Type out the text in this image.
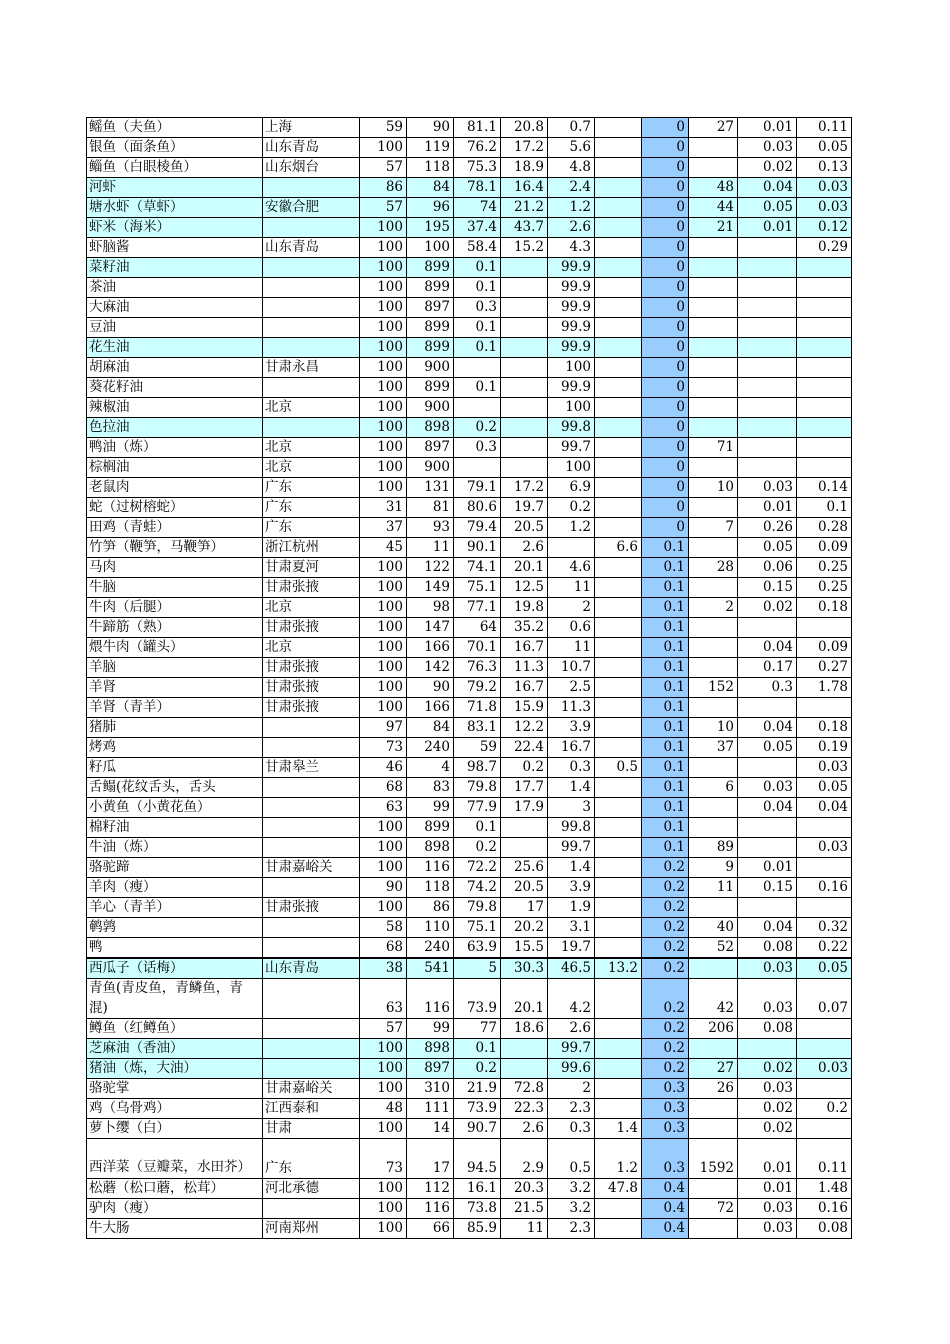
鳐鱼（夫鱼）	上海	59	90	81.1	20.8	0.7		0	27	0.01	0.11
银鱼（面条鱼）	山东青岛	100	119	76.2	17.2	5.6		0		0.03	0.05
鲻鱼（白眼棱鱼）	山东烟台	57	118	75.3	18.9	4.8		0		0.02	0.13
河虾		86	84	78.1	16.4	2.4		0	48	0.04	0.03
塘水虾（草虾）	安徽合肥	57	96	74	21.2	1.2		0	44	0.05	0.03
虾米（海米）		100	195	37.4	43.7	2.6		0	21	0.01	0.12
虾脑酱	山东青岛	100	100	58.4	15.2	4.3		0			0.29
菜籽油		100	899	0.1		99.9		0			
茶油		100	899	0.1		99.9		0			
大麻油		100	897	0.3		99.9		0			
豆油		100	899	0.1		99.9		0			
花生油		100	899	0.1		99.9		0			
胡麻油	甘肃永昌	100	900			100		0			
葵花籽油		100	899	0.1		99.9		0			
辣椒油	北京	100	900			100		0			
色拉油		100	898	0.2		99.8		0			
鸭油（炼）	北京	100	897	0.3		99.7		0	71		
棕榈油	北京	100	900			100		0			
老鼠肉	广东	100	131	79.1	17.2	6.9		0	10	0.03	0.14
蛇（过树榕蛇）	广东	31	81	80.6	19.7	0.2		0		0.01	0.1
田鸡（青蛙）	广东	37	93	79.4	20.5	1.2		0	7	0.26	0.28
竹笋（鞭笋，马鞭笋）	浙江杭州	45	11	90.1	2.6		6.6	0.1		0.05	0.09
马肉	甘肃夏河	100	122	74.1	20.1	4.6		0.1	28	0.06	0.25
牛脑	甘肃张掖	100	149	75.1	12.5	11		0.1		0.15	0.25
牛肉（后腿）	北京	100	98	77.1	19.8	2		0.1	2	0.02	0.18
牛蹄筋（熟）	甘肃张掖	100	147	64	35.2	0.6		0.1			
煨牛肉（罐头）	北京	100	166	70.1	16.7	11		0.1		0.04	0.09
羊脑	甘肃张掖	100	142	76.3	11.3	10.7		0.1		0.17	0.27
羊肾	甘肃张掖	100	90	79.2	16.7	2.5		0.1	152	0.3	1.78
羊肾（青羊）	甘肃张掖	100	166	71.8	15.9	11.3		0.1			
猪肺		97	84	83.1	12.2	3.9		0.1	10	0.04	0.18
烤鸡		73	240	59	22.4	16.7		0.1	37	0.05	0.19
籽瓜	甘肃皋兰	46	4	98.7	0.2	0.3	0.5	0.1			0.03
舌鳎(花纹舌头，舌头		68	83	79.8	17.7	1.4		0.1	6	0.03	0.05
小黄鱼（小黄花鱼）		63	99	77.9	17.9	3		0.1		0.04	0.04
棉籽油		100	899	0.1		99.8		0.1			
牛油（炼）		100	898	0.2		99.7		0.1	89		0.03
骆驼蹄	甘肃嘉峪关	100	116	72.2	25.6	1.4		0.2	9	0.01	
羊肉（瘦）		90	118	74.2	20.5	3.9		0.2	11	0.15	0.16
羊心（青羊）	甘肃张掖	100	86	79.8	17	1.9		0.2			
鹌鹑		58	110	75.1	20.2	3.1		0.2	40	0.04	0.32
鸭		68	240	63.9	15.5	19.7		0.2	52	0.08	0.22
西瓜子（话梅）	山东青岛	38	541	5	30.3	46.5	13.2	0.2		0.03	0.05
青鱼(青皮鱼，青鳞鱼，青混)		63	116	73.9	20.1	4.2		0.2	42	0.03	0.07
鳟鱼（红鳟鱼）		57	99	77	18.6	2.6		0.2	206	0.08	
芝麻油（香油）		100	898	0.1		99.7		0.2			
猪油（炼，大油）		100	897	0.2		99.6		0.2	27	0.02	0.03
骆驼掌	甘肃嘉峪关	100	310	21.9	72.8	2		0.3	26	0.03	
鸡（乌骨鸡）	江西泰和	48	111	73.9	22.3	2.3		0.3		0.02	0.2
萝卜缨（白）	甘肃	100	14	90.7	2.6	0.3	1.4	0.3		0.02	
西洋菜（豆瓣菜，水田芥）	广东	73	17	94.5	2.9	0.5	1.2	0.3	1592	0.01	0.11
松蘑（松口蘑，松茸）	河北承德	100	112	16.1	20.3	3.2	47.8	0.4		0.01	1.48
驴肉（瘦）		100	116	73.8	21.5	3.2		0.4	72	0.03	0.16
牛大肠	河南郑州	100	66	85.9	11	2.3		0.4		0.03	0.08
